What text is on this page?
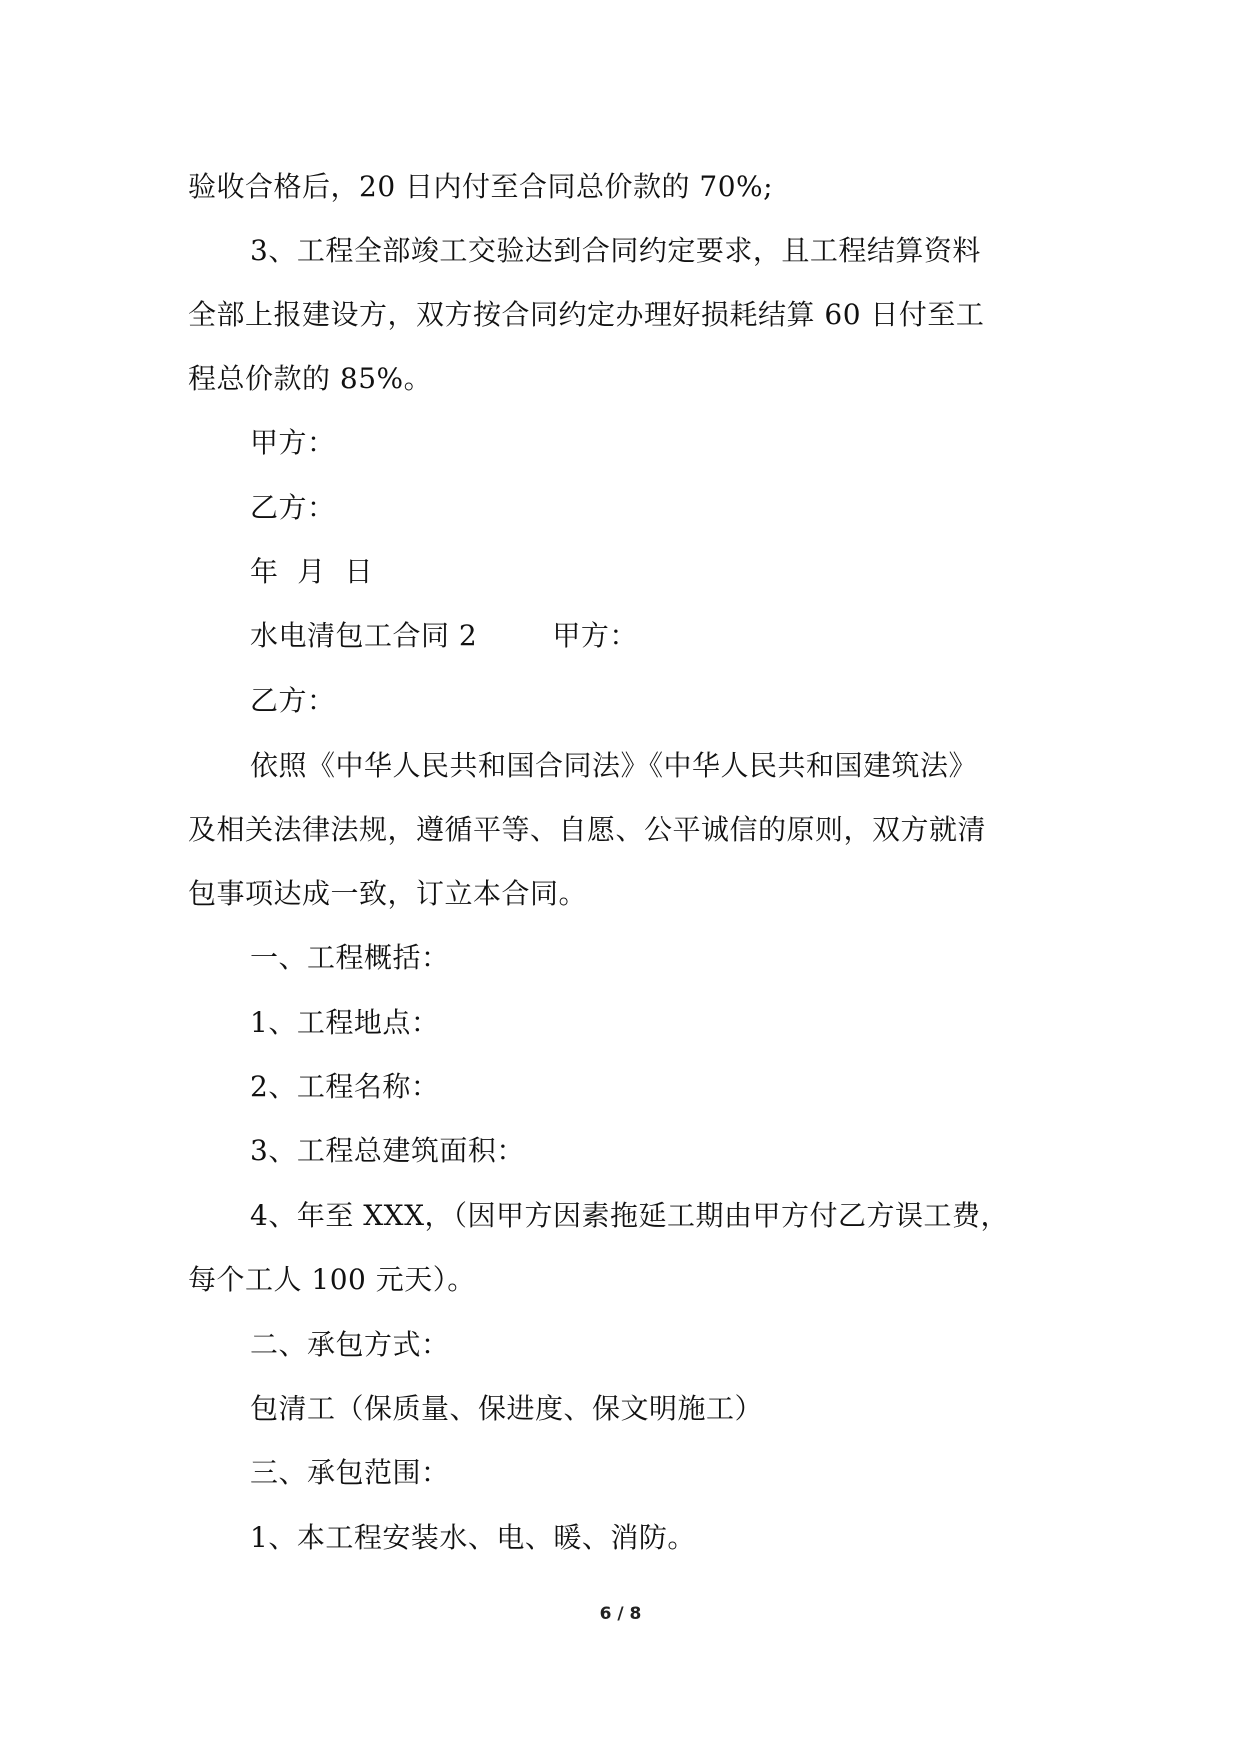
验收合格后，20 日内付至合同总价款的 70%;
3、工程全部竣工交验达到合同约定要求，且工程结算资料
全部上报建设方，双方按合同约定办理好损耗结算 60 日付至工
程总价款的 85%。
甲方：
乙方：
年  月  日
水电清包工合同 2        甲方：
乙方：
依照《中华人民共和国合同法》《中华人民共和国建筑法》
及相关法律法规，遵循平等、自愿、公平诚信的原则，双方就清
包事项达成一致，订立本合同。
一、工程概括：
1、工程地点：
2、工程名称：
3、工程总建筑面积：
4、年至 XXX，（因甲方因素拖延工期由甲方付乙方误工费，
每个工人 100 元天）。
二、承包方式：
包清工（保质量、保进度、保文明施工）
三、承包范围：
1、本工程安装水、电、暖、消防。
6 / 8
